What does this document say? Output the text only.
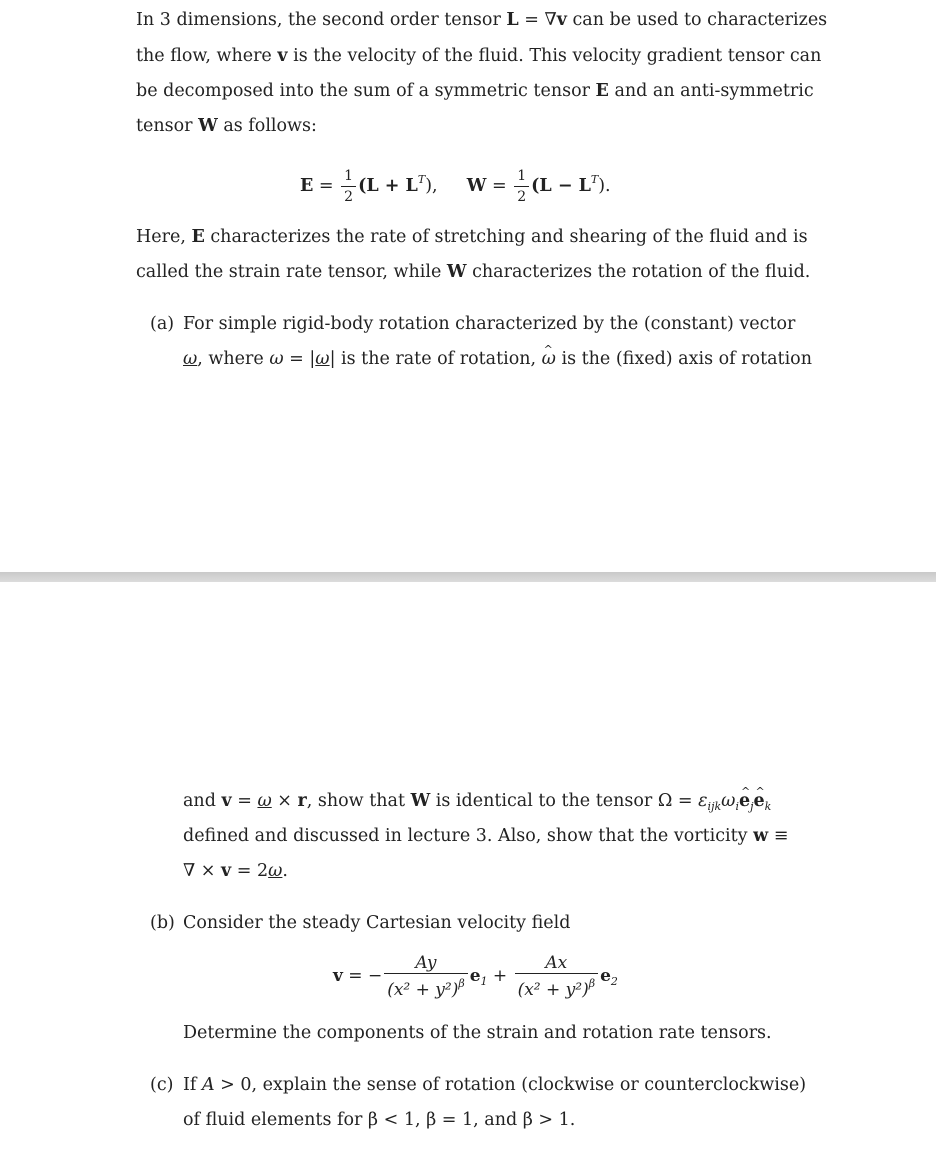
In 3 dimensions, the second order tensor L = ∇v can be used to characterizes
the flow, where v is the velocity of the fluid. This velocity gradient tensor can
be decomposed into the sum of a symmetric tensor E and an anti-symmetric
tensor W as follows:
$E = \frac{1}{2} (L + L^T)$, $W = \frac{1}{2} (L - L^T)$.
Here, E characterizes the rate of stretching and shearing of the fluid and is
called the strain rate tensor, while W characterizes the rotation of the fluid.
(a) For simple rigid-body rotation characterized by the (constant) vector
ω, where ω = |ω| is the rate of rotation, ω ^ is the (fixed) axis of rotation
and v = ω × r, show that W is identical to the tensor $\Omega = \varepsilon_{ijk}\omega_ie$ $\^{}_je$ $\^{}_k$
defined and discussed in lecture 3. Also, show that the vorticity w ≡
∇ × v = 2ω.
(b) Consider the steady Cartesian velocity field
v = − $\frac{Ay}{(x^2 + y^2)^\beta} e_1 + \frac{Ax}{(x^2 + y^2)^\beta} e_2$
Determine the components of the strain and rotation rate tensors.
(c) If A > 0, explain the sense of rotation (clockwise or counterclockwise)
of fluid elements for β < 1, β = 1, and β > 1.
